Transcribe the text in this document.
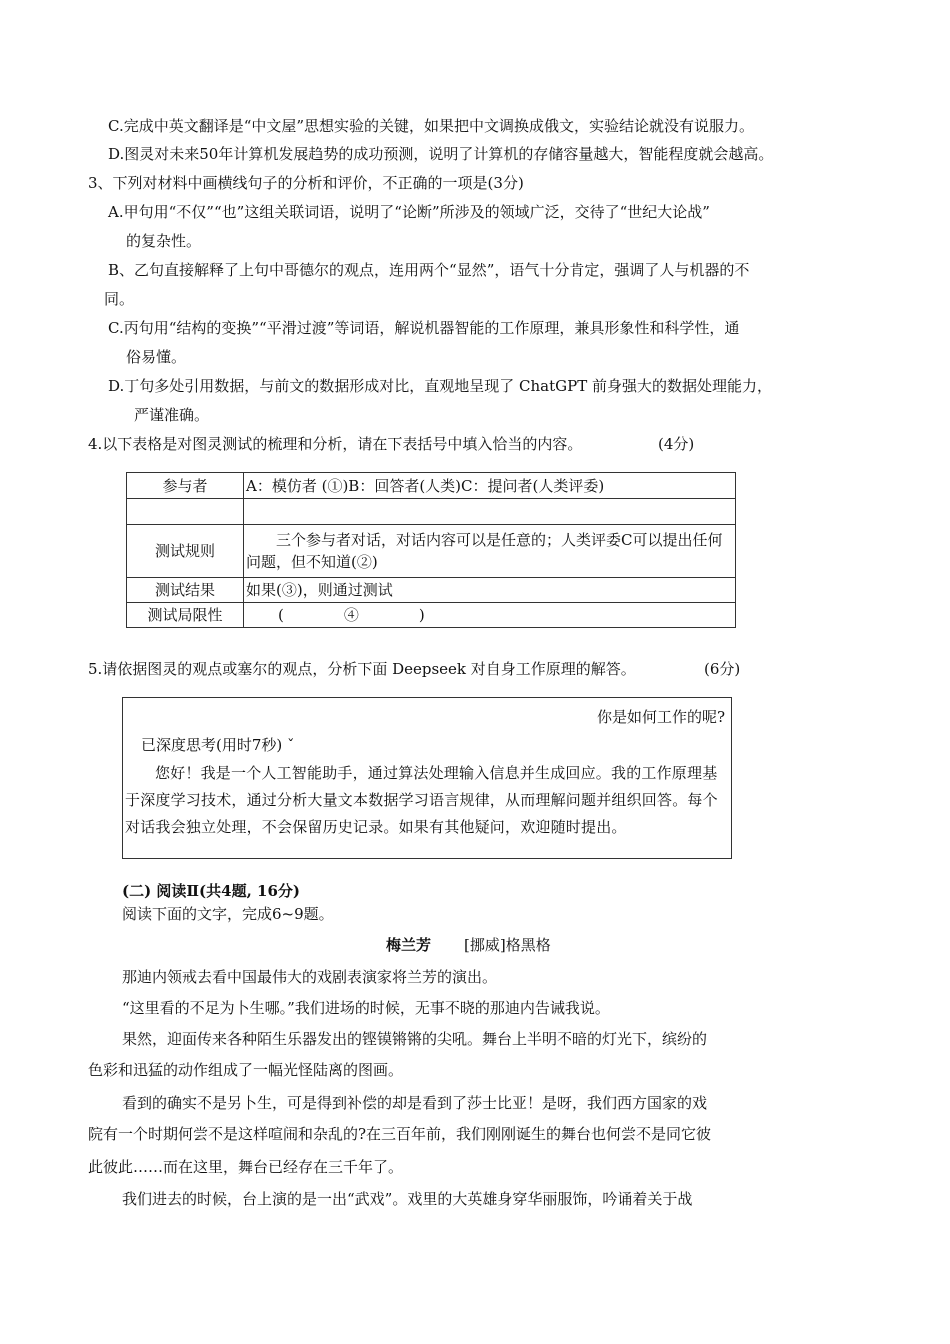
C.完成中英文翻译是“中文屋”思想实验的关键，如果把中文调换成俄文，实验结论就没有说服力。
D.图灵对未来50年计算机发展趋势的成功预测，说明了计算机的存储容量越大，智能程度就会越高。
3、下列对材料中画横线句子的分析和评价，不正确的一项是(3分)
A.甲句用“不仅”“也”这组关联词语，说明了“论断”所涉及的领域广泛，交待了“世纪大论战”
的复杂性。
B、乙句直接解释了上句中哥德尔的观点，连用两个“显然”，语气十分肯定，强调了人与机器的不
同。
C.丙句用“结构的变换”“平滑过渡”等词语，解说机器智能的工作原理，兼具形象性和科学性，通
俗易懂。
D.丁句多处引用数据，与前文的数据形成对比，直观地呈现了 ChatGPT 前身强大的数据处理能力，
严谨准确。
4.以下表格是对图灵测试的梳理和分析，请在下表括号中填入恰当的内容。	(4分)
参与者	A：模仿者 (①)B：回答者(人类)C：提问者(人类评委)

测试规则	三个参与者对话，对话内容可以是任意的；人类评委C可以提出任何问题，但不知道(②)
测试结果	如果(③)，则通过测试
测试局限性	(　　　　④　　　　)
5.请依据图灵的观点或塞尔的观点，分析下面 Deepseek 对自身工作原理的解答。	(6分)
你是如何工作的呢?
已深度思考(用时7秒) ˇ
您好！我是一个人工智能助手，通过算法处理输入信息并生成回应。我的工作原理基于深度学习技术，通过分析大量文本数据学习语言规律，从而理解问题并组织回答。每个对话我会独立处理，不会保留历史记录。如果有其他疑问，欢迎随时提出。
(二) 阅读Ⅱ(共4题, 16分)
阅读下面的文字，完成6~9题。
梅兰芳 [挪威]格黑格
那迪内领戒去看中国最伟大的戏剧表演家将兰芳的演出。
“这里看的不足为卜生哪。”我们进场的时候，无事不晓的那迪内告诫我说。
果然，迎面传来各种陌生乐器发出的铿镆锵锵的尖吼。舞台上半明不暗的灯光下，缤纷的
色彩和迅猛的动作组成了一幅光怪陆离的图画。
看到的确实不是另卜生，可是得到补偿的却是看到了莎士比亚！是呀，我们西方国家的戏
院有一个时期何尝不是这样喧闹和杂乱的?在三百年前，我们刚刚诞生的舞台也何尝不是同它彼
此彼此……而在这里，舞台已经存在三千年了。
我们进去的时候，台上演的是一出“武戏”。戏里的大英雄身穿华丽服饰，吟诵着关于战
